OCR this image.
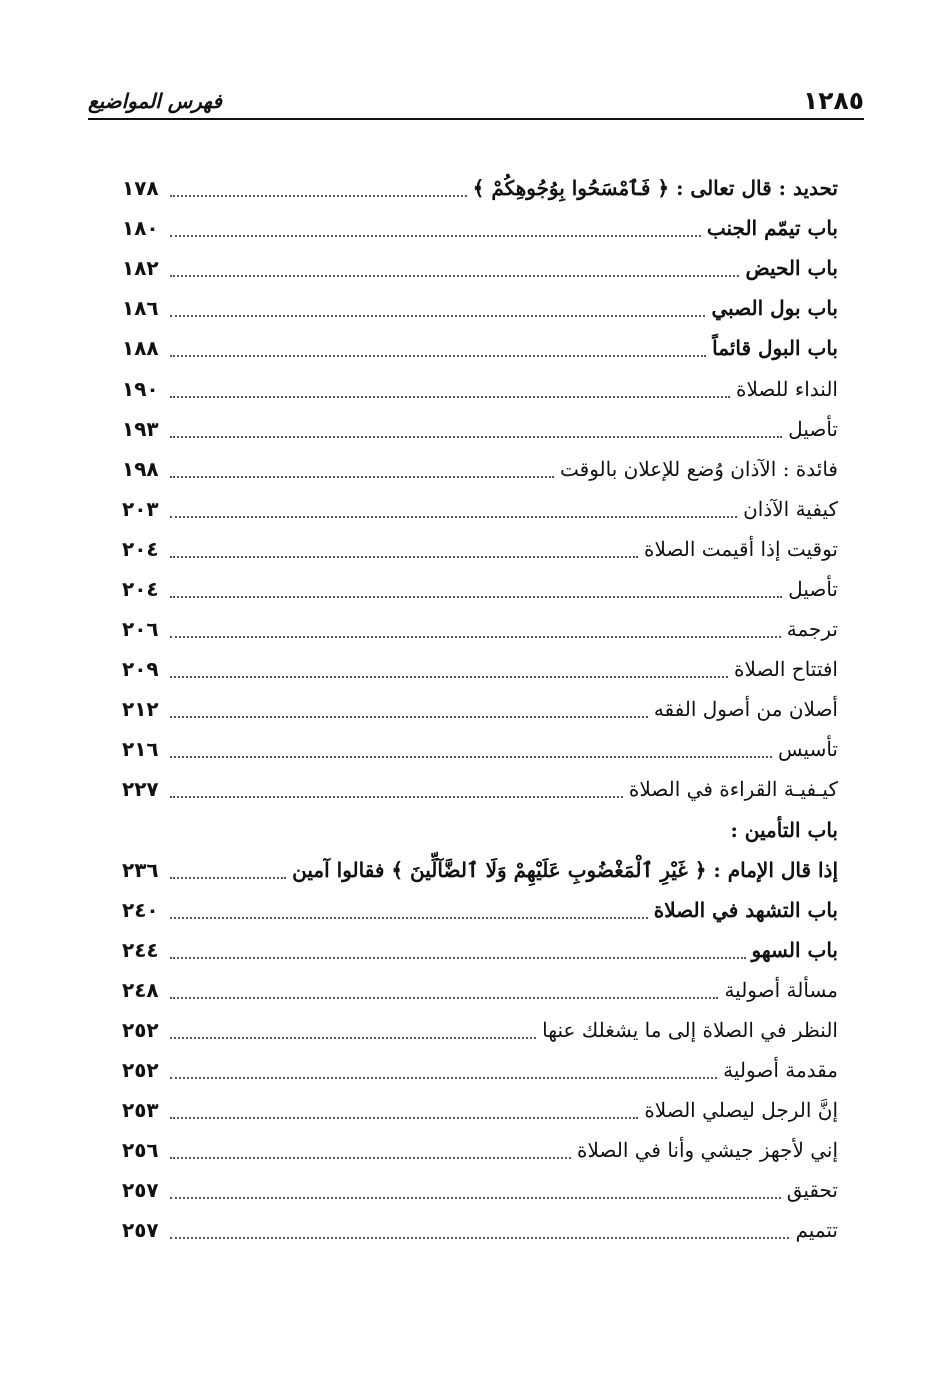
١٢٨٥
فهرس المواضيع
تحديد : قال تعالى : ﴿ فَٱمْسَحُوا بِوُجُوهِكُمْ ﴾
١٧٨
باب تيمّم الجنب
١٨٠
باب الحيض
١٨٢
باب بول الصبي
١٨٦
باب البول قائماً
١٨٨
النداء للصلاة
١٩٠
تأصيل
١٩٣
فائدة : الآذان وُضع للإعلان بالوقت
١٩٨
كيفية الآذان
٢٠٣
توقيت إذا أقيمت الصلاة
٢٠٤
تأصيل
٢٠٤
ترجمة
٢٠٦
افتتاح الصلاة
٢٠٩
أصلان من أصول الفقه
٢١٢
تأسيس
٢١٦
كيـفيـة القراءة في الصلاة
٢٢٧
باب التأمين :
إذا قال الإمام : ﴿ غَيْرِ ٱلْمَغْضُوبِ عَلَيْهِمْ وَلَا ٱلضَّآلِّينَ ﴾ فقالوا آمين
٢٣٦
باب التشهد في الصلاة
٢٤٠
باب السهو
٢٤٤
مسألة أصولية
٢٤٨
النظر في الصلاة إلى ما يشغلك عنها
٢٥٢
مقدمة أصولية
٢٥٢
إنَّ الرجل ليصلي الصلاة
٢٥٣
إني لأجهز جيشي وأنا في الصلاة
٢٥٦
تحقيق
٢٥٧
تتميم
٢٥٧
